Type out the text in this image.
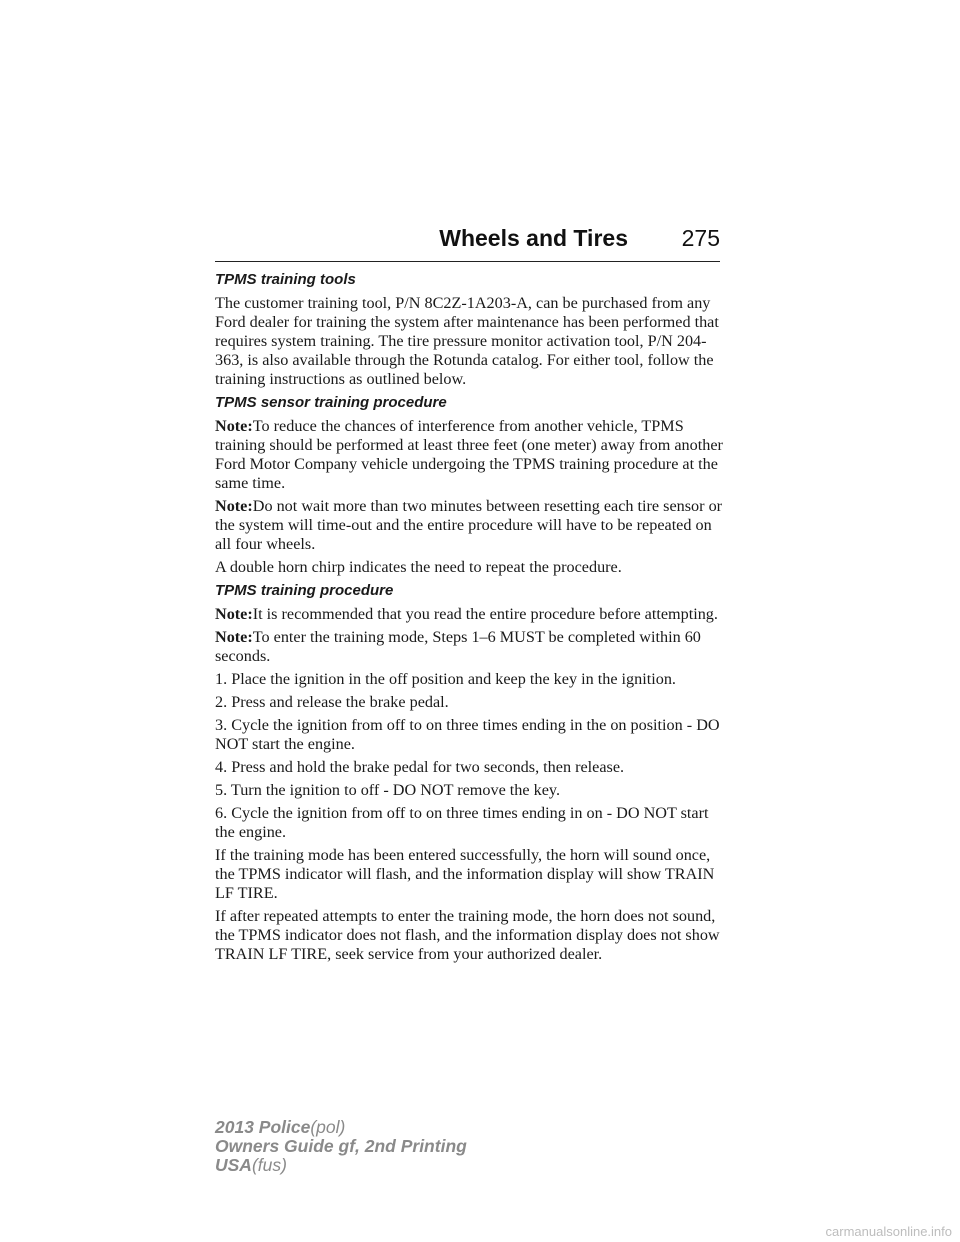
Wheels and Tires 275
TPMS training tools

The customer training tool, P/N 8C2Z-1A203-A, can be purchased from any Ford dealer for training the system after maintenance has been performed that requires system training. The tire pressure monitor activation tool, P/N 204-363, is also available through the Rotunda catalog. For either tool, follow the training instructions as outlined below.

TPMS sensor training procedure

Note:To reduce the chances of interference from another vehicle, TPMS training should be performed at least three feet (one meter) away from another Ford Motor Company vehicle undergoing the TPMS training procedure at the same time.

Note:Do not wait more than two minutes between resetting each tire sensor or the system will time-out and the entire procedure will have to be repeated on all four wheels.

A double horn chirp indicates the need to repeat the procedure.

TPMS training procedure

Note:It is recommended that you read the entire procedure before attempting.

Note:To enter the training mode, Steps 1–6 MUST be completed within 60 seconds.

1. Place the ignition in the off position and keep the key in the ignition.

2. Press and release the brake pedal.

3. Cycle the ignition from off to on three times ending in the on position - DO NOT start the engine.

4. Press and hold the brake pedal for two seconds, then release.

5. Turn the ignition to off - DO NOT remove the key.

6. Cycle the ignition from off to on three times ending in on - DO NOT start the engine.

If the training mode has been entered successfully, the horn will sound once, the TPMS indicator will flash, and the information display will show TRAIN LF TIRE.

If after repeated attempts to enter the training mode, the horn does not sound, the TPMS indicator does not flash, and the information display does not show TRAIN LF TIRE, seek service from your authorized dealer.

2013 Police(pol)
Owners Guide gf, 2nd Printing
USA(fus)
carmanualsonline.info
